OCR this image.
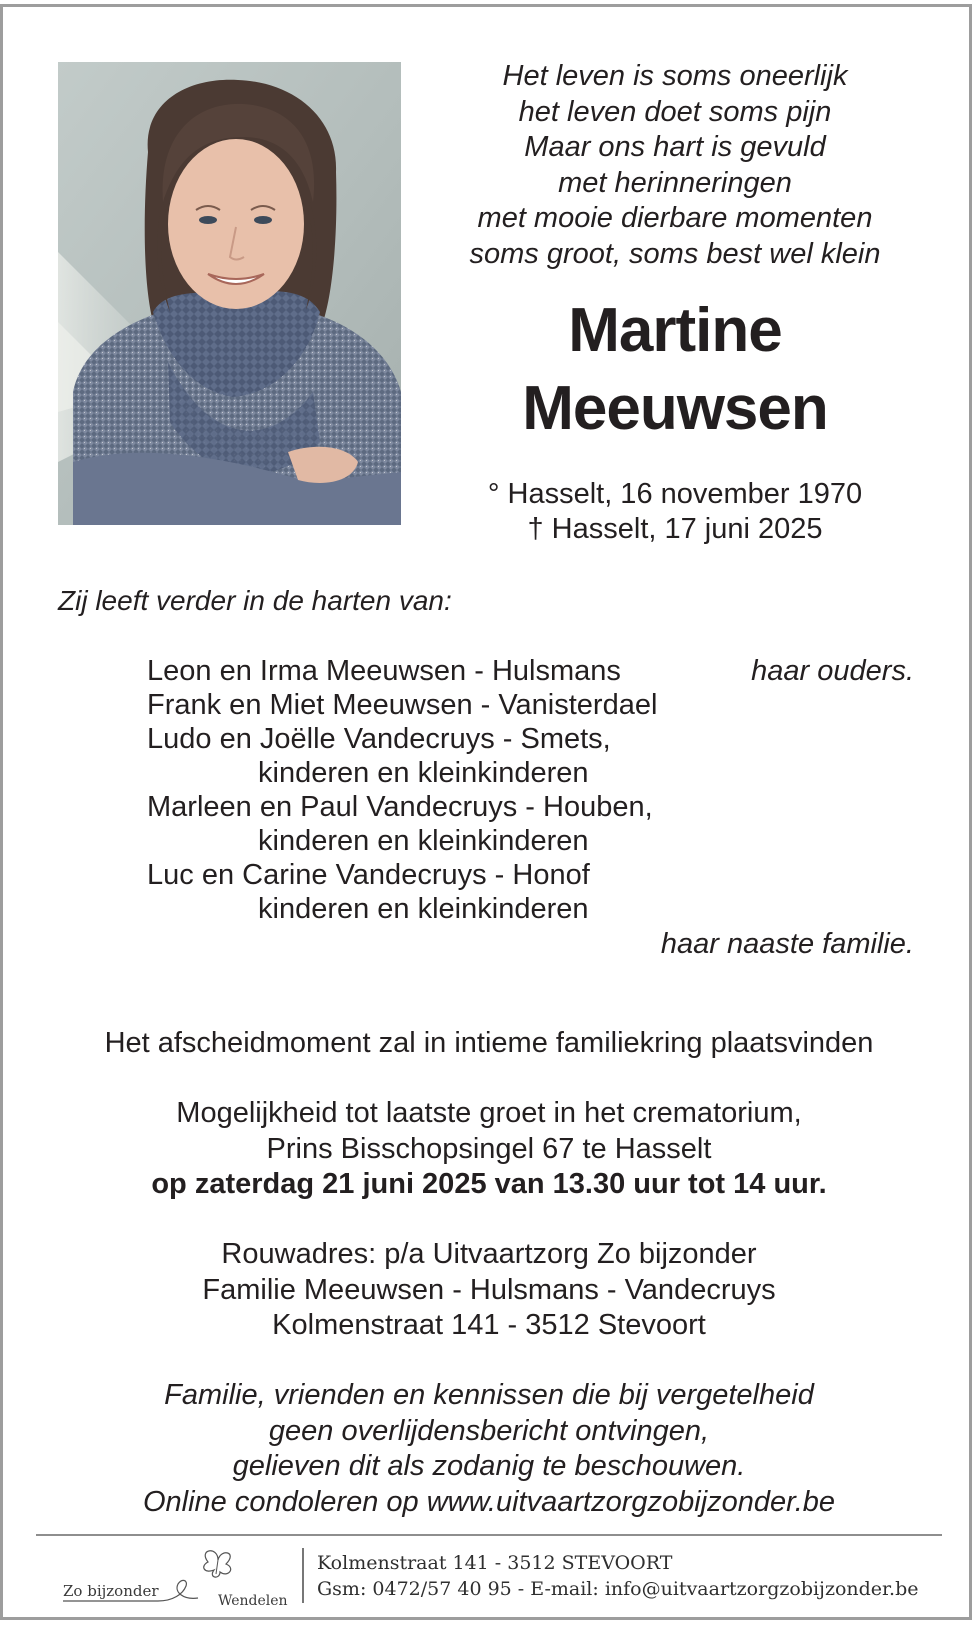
Het leven is soms oneerlijk
het leven doet soms pijn
Maar ons hart is gevuld
met herinneringen
met mooie dierbare momenten
soms groot, soms best wel klein
Martine
Meeuwsen
° Hasselt, 16 november 1970
† Hasselt, 17 juni 2025
Zij leeft verder in de harten van:
Leon en Irma Meeuwsen - Hulsmans	haar ouders.
Frank en Miet Meeuwsen - Vanisterdael
Ludo en Joëlle Vandecruys - Smets,
kinderen en kleinkinderen
Marleen en Paul Vandecruys - Houben,
kinderen en kleinkinderen
Luc en Carine Vandecruys - Honof
kinderen en kleinkinderen
haar naaste familie.
Het afscheidmoment zal in intieme familiekring plaatsvinden
Mogelijkheid tot laatste groet in het crematorium,
Prins Bisschopsingel 67 te Hasselt
op zaterdag 21 juni 2025 van 13.30 uur tot 14 uur.
Rouwadres: p/a Uitvaartzorg Zo bijzonder
Familie Meeuwsen - Hulsmans - Vandecruys
Kolmenstraat 141 - 3512 Stevoort
Familie, vrienden en kennissen die bij vergetelheid
geen overlijdensbericht ontvingen,
gelieven dit als zodanig te beschouwen.
Online condoleren op www.uitvaartzorgzobijzonder.be
Zo bijzonder
Wendelen
Kolmenstraat 141 - 3512 STEVOORT
Gsm: 0472/57 40 95 - E-mail: info@uitvaartzorgzobijzonder.be
